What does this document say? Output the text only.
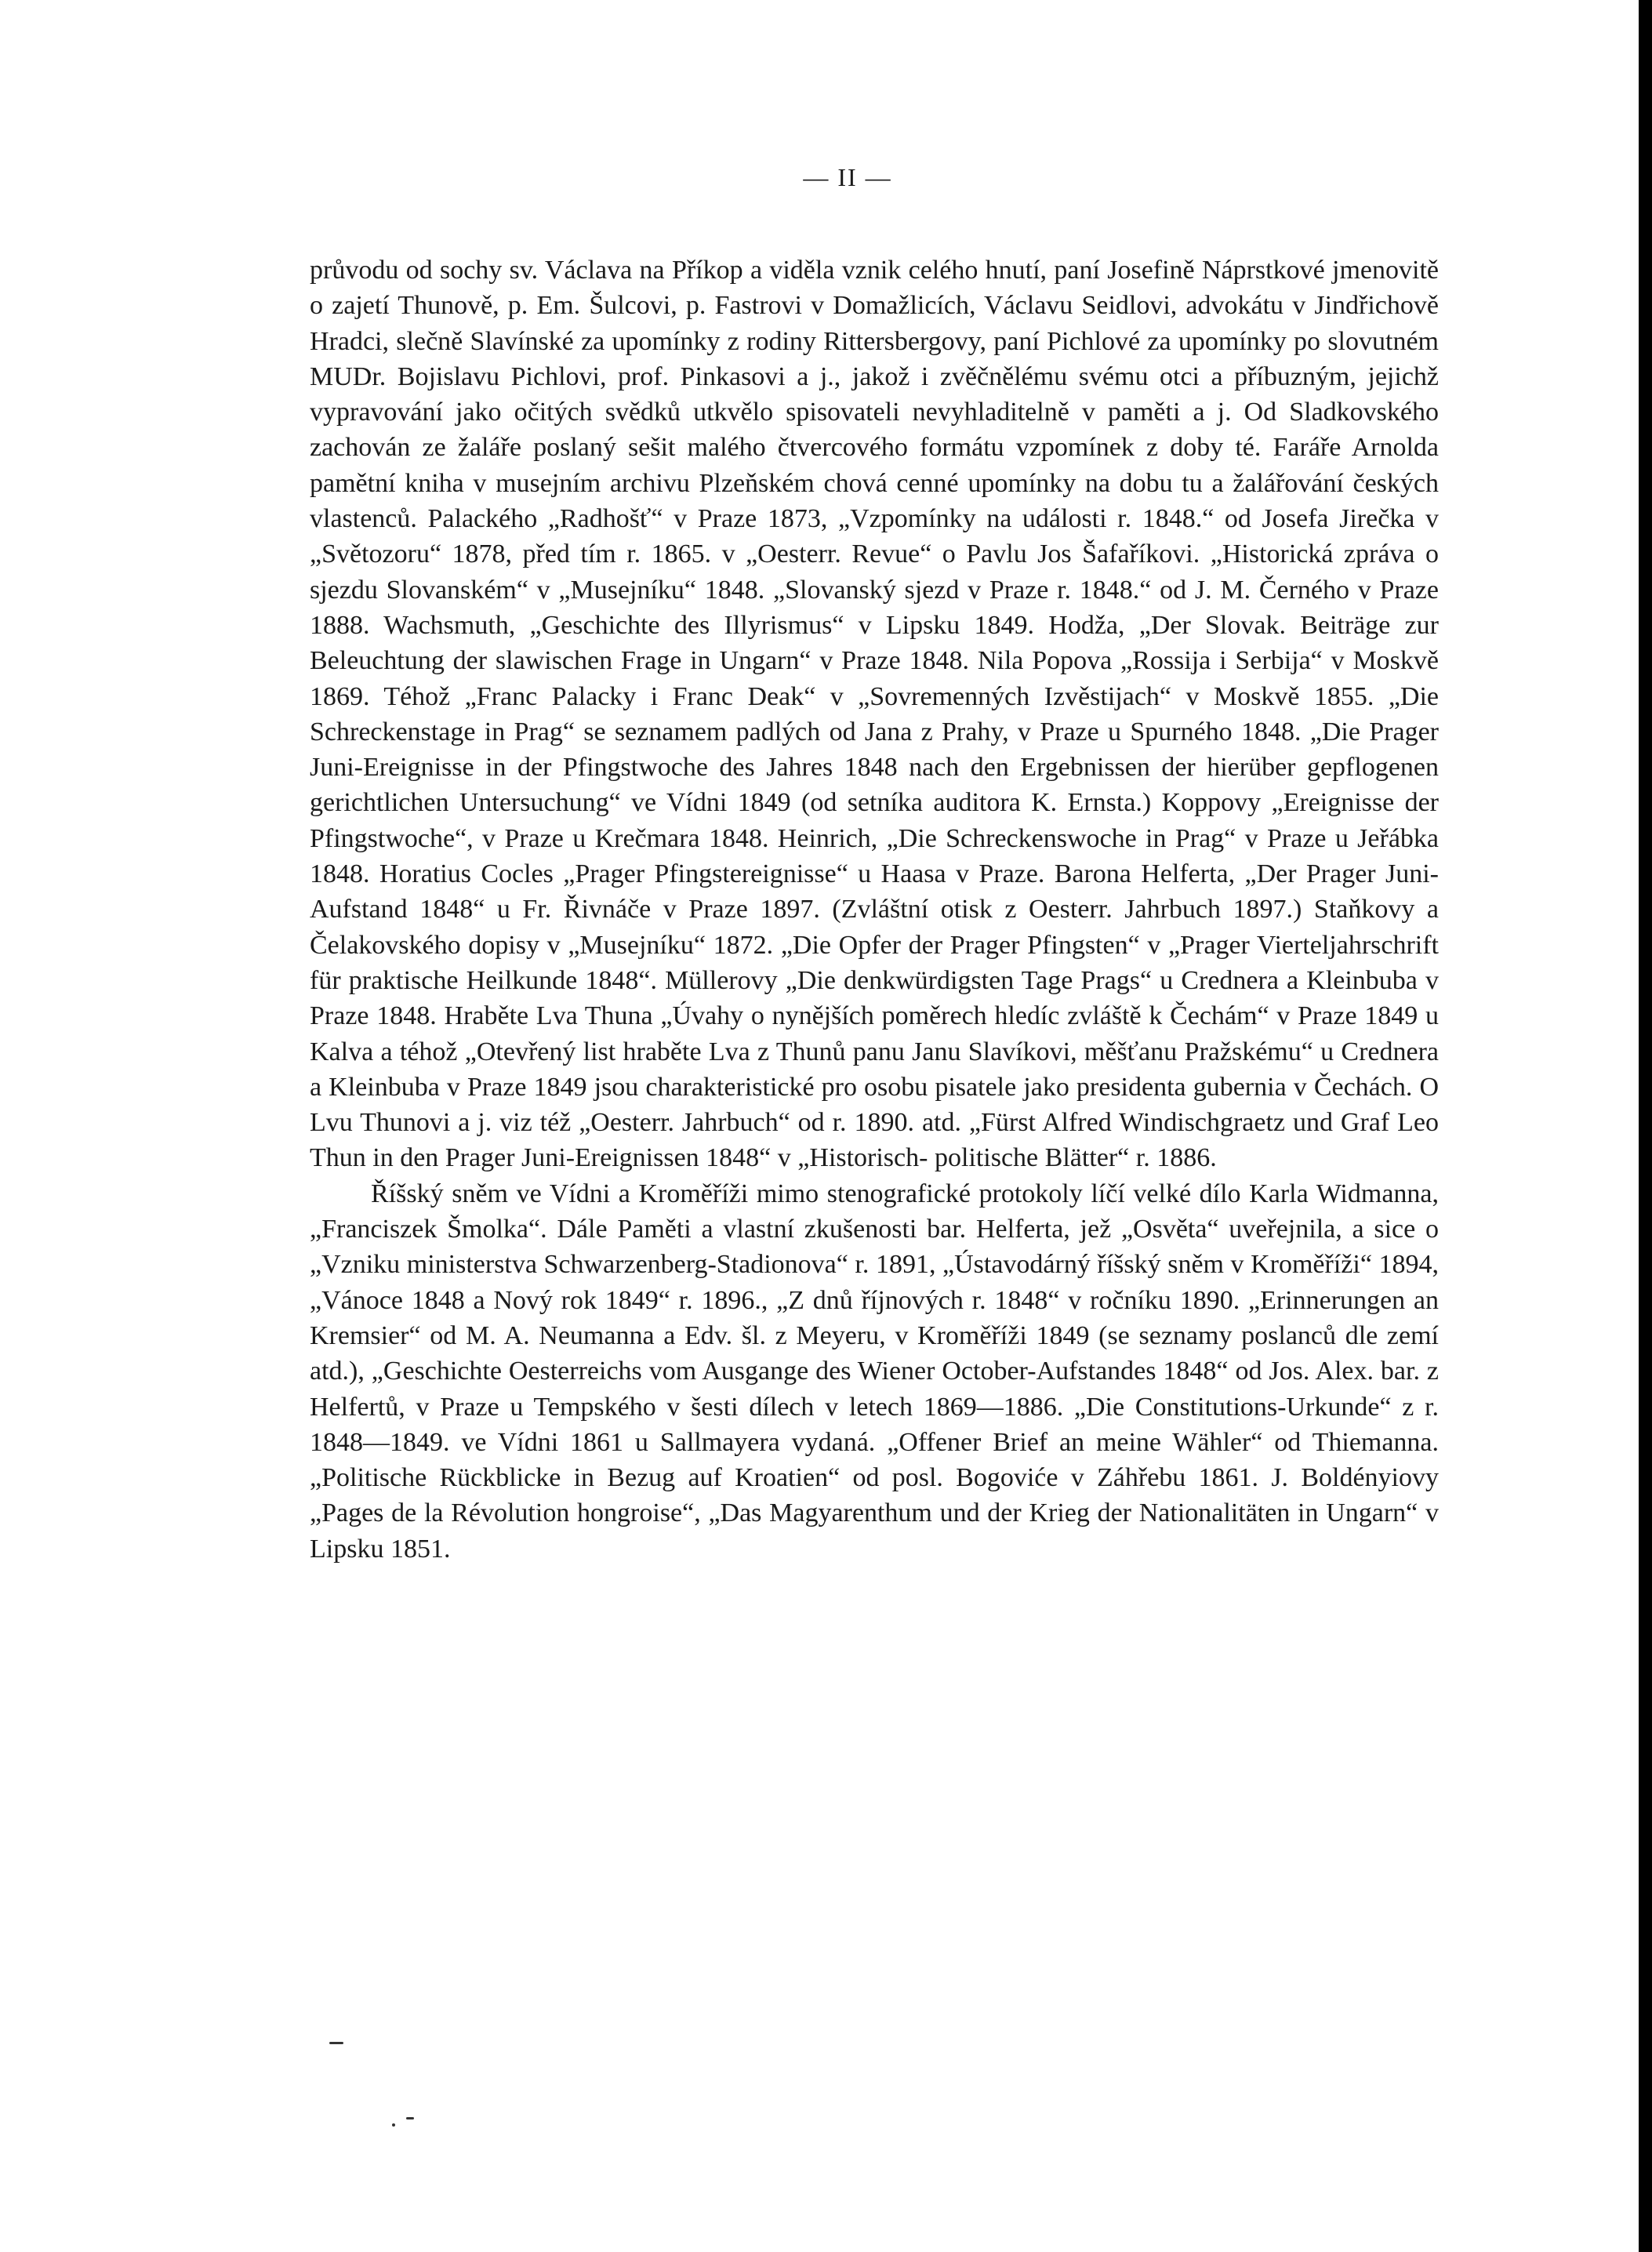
— II —

průvodu od sochy sv. Václava na Příkop a viděla vznik celého hnutí, paní Josefině Náprstkové jmenovitě o zajetí Thunově, p. Em. Šulcovi, p. Fastrovi v Domažlicích, Václavu Seidlovi, advokátu v Jindřichově Hradci, slečně Slavínské za upomínky z rodiny Rittersbergovy, paní Pichlové za upomínky po slovutném MUDr. Bojislavu Pichlovi, prof. Pinkasovi a j., jakož i zvěčnělému svému otci a příbuzným, jejichž vypravování jako očitých svědků utkvělo spisovateli nevyhladitelně v paměti a j. Od Sladkovského zachován ze žaláře poslaný sešit malého čtvercového formátu vzpomínek z doby té. Faráře Arnolda pamětní kniha v musejním archivu Plzeňském chová cenné upomínky na dobu tu a žalářování českých vlastenců. Palackého „Radhošť“ v Praze 1873, „Vzpomínky na události r. 1848.“ od Josefa Jirečka v „Světozoru“ 1878, před tím r. 1865. v „Oesterr. Revue“ o Pavlu Jos Šafaříkovi. „Historická zpráva o sjezdu Slovanském“ v „Musejníku“ 1848. „Slovanský sjezd v Praze r. 1848.“ od J. M. Černého v Praze 1888. Wachsmuth, „Geschichte des Illyrismus“ v Lipsku 1849. Hodža, „Der Slovak. Beiträge zur Beleuchtung der slawischen Frage in Ungarn“ v Praze 1848. Nila Popova „Rossija i Serbija“ v Moskvě 1869. Téhož „Franc Palacky i Franc Deak“ v „Sovremenných Izvěstijach“ v Moskvě 1855. „Die Schreckenstage in Prag“ se seznamem padlých od Jana z Prahy, v Praze u Spurného 1848. „Die Prager Juni-Ereignisse in der Pfingstwoche des Jahres 1848 nach den Ergebnissen der hierüber gepflogenen gerichtlichen Untersuchung“ ve Vídni 1849 (od setníka auditora K. Ernsta.) Koppovy „Ereignisse der Pfingstwoche“, v Praze u Krečmara 1848. Heinrich, „Die Schreckenswoche in Prag“ v Praze u Jeřábka 1848. Horatius Cocles „Prager Pfingstereignisse“ u Haasa v Praze. Barona Helferta, „Der Prager Juni-Aufstand 1848“ u Fr. Řivnáče v Praze 1897. (Zvláštní otisk z Oesterr. Jahrbuch 1897.) Staňkovy a Čelakovského dopisy v „Musejníku“ 1872. „Die Opfer der Prager Pfingsten“ v „Prager Vierteljahrschrift für praktische Heilkunde 1848“. Müllerovy „Die denkwürdigsten Tage Prags“ u Crednera a Kleinbuba v Praze 1848. Hraběte Lva Thuna „Úvahy o nynějších poměrech hledíc zvláště k Čechám“ v Praze 1849 u Kalva a téhož „Otevřený list hraběte Lva z Thunů panu Janu Slavíkovi, měšťanu Pražskému“ u Crednera a Kleinbuba v Praze 1849 jsou charakteristické pro osobu pisatele jako presidenta gubernia v Čechách. O Lvu Thunovi a j. viz též „Oesterr. Jahrbuch“ od r. 1890. atd. „Fürst Alfred Windischgraetz und Graf Leo Thun in den Prager Juni-Ereignissen 1848“ v „Historisch- politische Blätter“ r. 1886.

Říšský sněm ve Vídni a Kroměříži mimo stenografické protokoly líčí velké dílo Karla Widmanna, „Franciszek Šmolka“. Dále Paměti a vlastní zkušenosti bar. Helferta, jež „Osvěta“ uveřejnila, a sice o „Vzniku ministerstva Schwarzenberg-Stadionova“ r. 1891, „Ústavodárný říšský sněm v Kroměříži“ 1894, „Vánoce 1848 a Nový rok 1849“ r. 1896., „Z dnů říjnových r. 1848“ v ročníku 1890. „Erinnerungen an Kremsier“ od M. A. Neumanna a Edv. šl. z Meyeru, v Kroměříži 1849 (se seznamy poslanců dle zemí atd.), „Geschichte Oesterreichs vom Ausgange des Wiener October-Aufstandes 1848“ od Jos. Alex. bar. z Helfertů, v Praze u Tempského v šesti dílech v letech 1869—1886. „Die Constitutions-Urkunde“ z r. 1848—1849. ve Vídni 1861 u Sallmayera vydaná. „Offener Brief an meine Wähler“ od Thiemanna. „Politische Rückblicke in Bezug auf Kroatien“ od posl. Bogoviće v Záhřebu 1861. J. Boldényiovy „Pages de la Révolution hongroise“, „Das Magyarenthum und der Krieg der Nationalitäten in Ungarn“ v Lipsku 1851.
